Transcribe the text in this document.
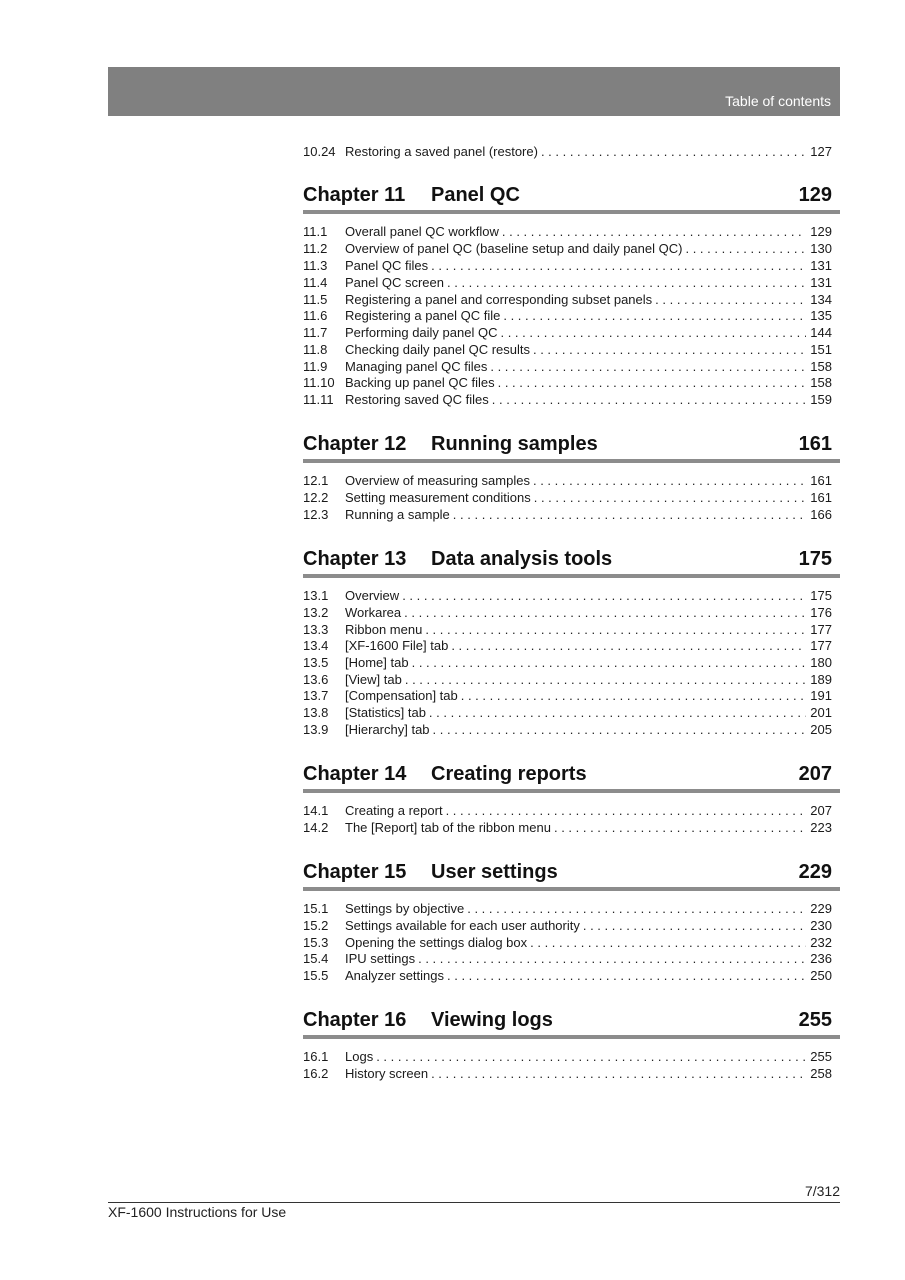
Table of contents
10.24 Restoring a saved panel (restore) . . .	127
Chapter 11 Panel QC	129
11.1	Overall panel QC workflow . . .	129
11.2	Overview of panel QC (baseline setup and daily panel QC) . . .	130
11.3	Panel QC files . . .	131
11.4	Panel QC screen . . .	131
11.5	Registering a panel and corresponding subset panels . . .	134
11.6	Registering a panel QC file . . .	135
11.7	Performing daily panel QC . . .	144
11.8	Checking daily panel QC results . . .	151
11.9	Managing panel QC files . . .	158
11.10 Backing up panel QC files . . .	158
11.11 Restoring saved QC files . . .	159
Chapter 12 Running samples	161
12.1	Overview of measuring samples . . .	161
12.2	Setting measurement conditions . . .	161
12.3	Running a sample . . .	166
Chapter 13 Data analysis tools	175
13.1	Overview . . .	175
13.2	Workarea . . .	176
13.3	Ribbon menu . . .	177
13.4	[XF-1600 File] tab . . .	177
13.5	[Home] tab . . .	180
13.6	[View] tab . . .	189
13.7	[Compensation] tab . . .	191
13.8	[Statistics] tab . . .	201
13.9	[Hierarchy] tab . . .	205
Chapter 14 Creating reports	207
14.1	Creating a report . . .	207
14.2	The [Report] tab of the ribbon menu . . .	223
Chapter 15 User settings	229
15.1	Settings by objective . . .	229
15.2	Settings available for each user authority . . .	230
15.3	Opening the settings dialog box . . .	232
15.4	IPU settings . . .	236
15.5	Analyzer settings . . .	250
Chapter 16 Viewing logs	255
16.1	Logs . . .	255
16.2	History screen . . .	258
7/312
XF-1600 Instructions for Use
